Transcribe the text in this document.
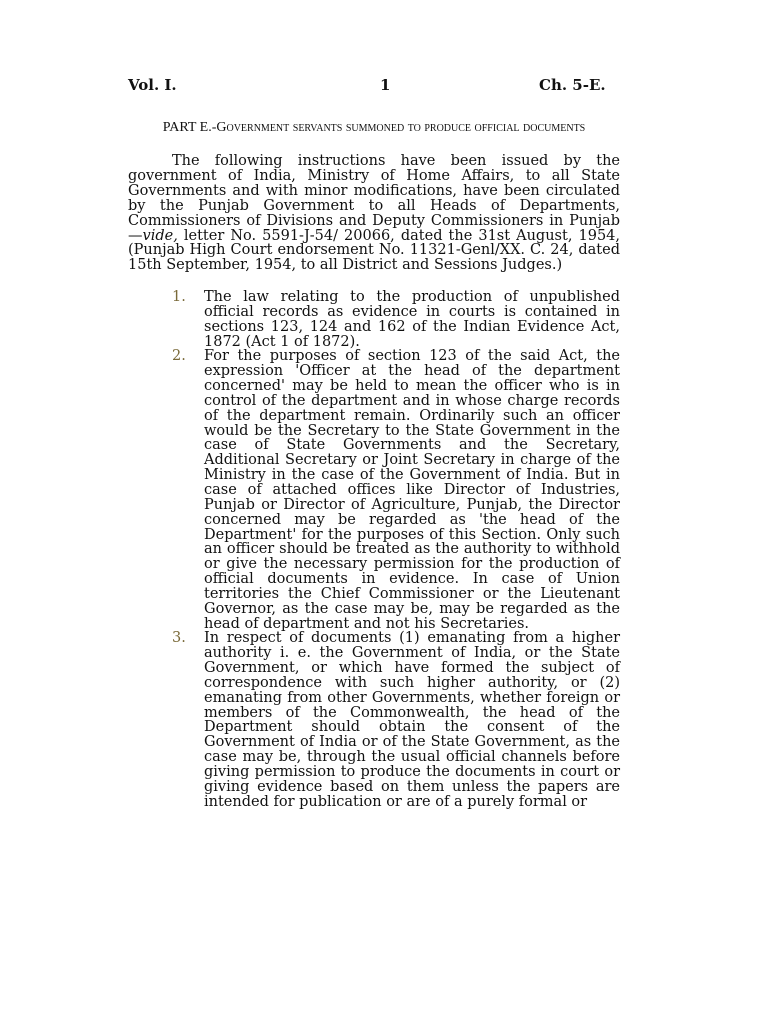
Vol. I.	1	Ch. 5-E.
PART E.-Government servants summoned to produce official documents

The following instructions have been issued by the government of India, Ministry of Home Affairs, to all State Governments and with minor modifications, have been circulated by the Punjab Government to all Heads of Departments, Commissioners of Divisions and Deputy Commissioners in Punjab—vide, letter No. 5591-J-54/ 20066, dated the 31st August, 1954, (Punjab High Court endorsement No. 11321-Genl/XX. C. 24, dated 15th September, 1954, to all District and Sessions Judges.)

1. The law relating to the production of unpublished official records as evidence in courts is contained in sections 123, 124 and 162 of the Indian Evidence Act, 1872 (Act 1 of 1872).

2. For the purposes of section 123 of the said Act, the expression 'Officer at the head of the department concerned' may be held to mean the officer who is in control of the department and in whose charge records of the department remain. Ordinarily such an officer would be the Secretary to the State Government in the case of State Governments and the Secretary, Additional Secretary or Joint Secretary in charge of the Ministry in the case of the Government of India. But in case of attached offices like Director of Industries, Punjab or Director of Agriculture, Punjab, the Director concerned may be regarded as 'the head of the Department' for the purposes of this Section. Only such an officer should be treated as the authority to withhold or give the necessary permission for the production of official documents in evidence. In case of Union territories the Chief Commissioner or the Lieutenant Governor, as the case may be, may be regarded as the head of department and not his Secretaries.

3. In respect of documents (1) emanating from a higher authority i. e. the Government of India, or the State Government, or which have formed the subject of correspondence with such higher authority, or (2) emanating from other Governments, whether foreign or members of the Commonwealth, the head of the Department should obtain the consent of the Government of India or of the State Government, as the case may be, through the usual official channels before giving permission to produce the documents in court or giving evidence based on them unless the papers are intended for publication or are of a purely formal or
